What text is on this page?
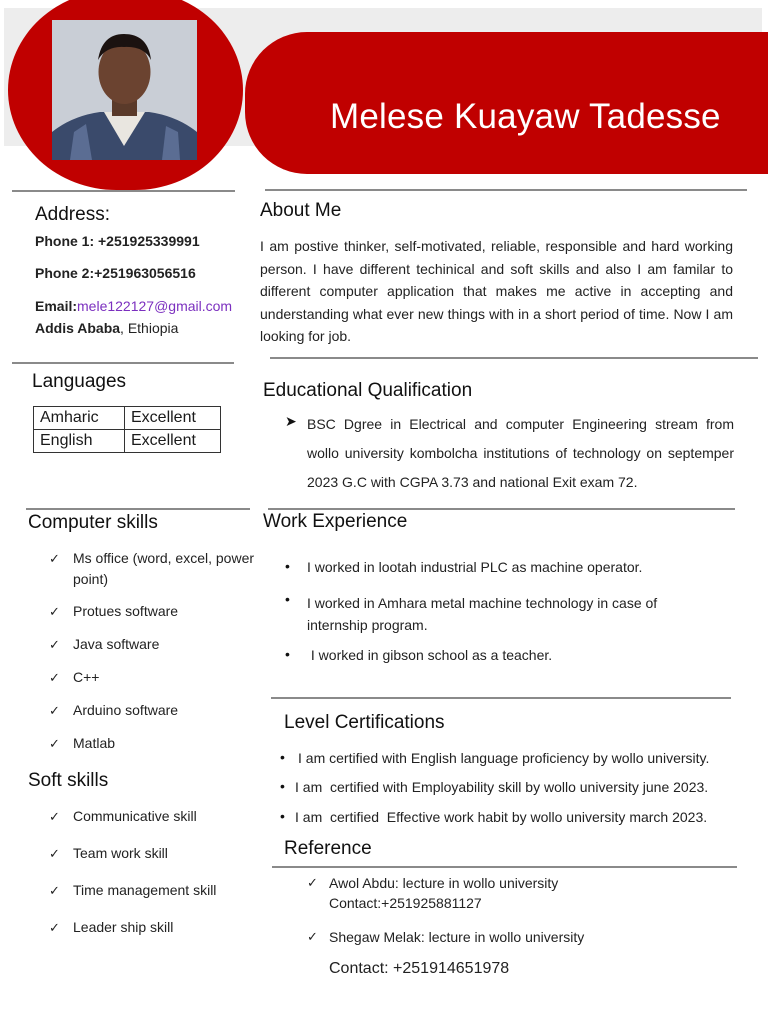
Melese Kuayaw Tadesse
Address:
Phone 1: +251925339991
Phone 2:+251963056516
Email:mele122127@gmail.com
Addis Ababa, Ethiopia
Languages
Amharic	Excellent
English	Excellent
Computer skills
✓ Ms office (word, excel, power point)
✓ Protues software
✓ Java software
✓ C++
✓ Arduino software
✓ Matlab
Soft skills
✓ Communicative skill
✓ Team work skill
✓ Time management skill
✓ Leader ship skill
About Me
I am postive thinker, self-motivated, reliable, responsible and hard working person. I have different techinical and soft skills and also I am familar to different computer application that makes me active in accepting and understanding what ever new things with in a short period of time. Now I am looking for job.
Educational Qualification
➤ BSC Dgree in Electrical and computer Engineering stream from wollo university kombolcha institutions of technology on septemper 2023 G.C with CGPA 3.73 and national Exit exam 72.
Work Experience
• I worked in lootah industrial PLC as machine operator.
• I worked in Amhara metal machine technology in case of internship program.
• I worked in gibson school as a teacher.
Level Certifications
• I am certified with English language proficiency by wollo university.
• I am  certified with Employability skill by wollo university june 2023.
• I am  certified  Effective work habit by wollo university march 2023.
Reference
✓ Awol Abdu: lecture in wollo university
Contact:+251925881127
✓ Shegaw Melak: lecture in wollo university
Contact: +251914651978
